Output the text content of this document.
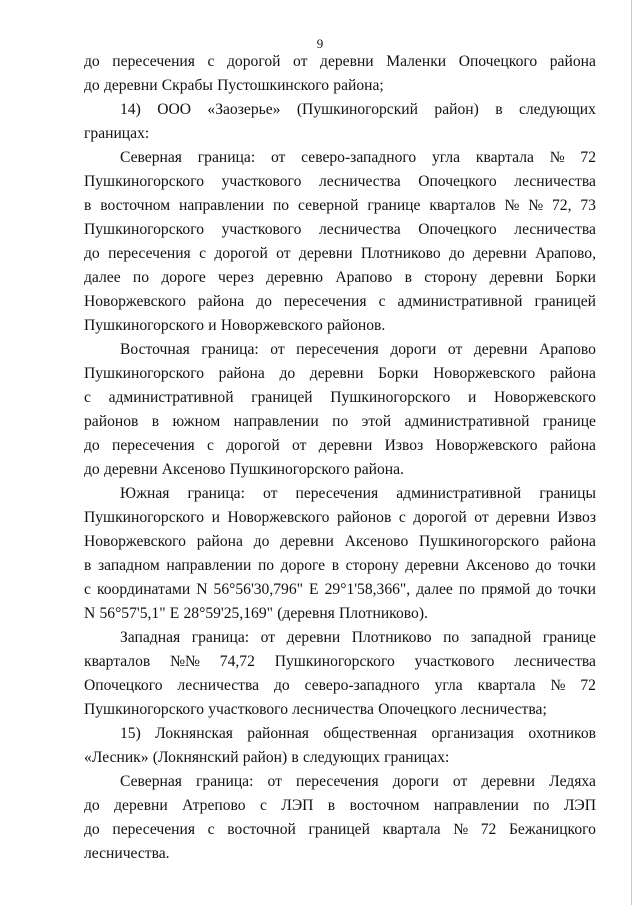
9
до пересечения с дорогой от деревни Маленки Опочецкого района
до деревни Скрабы Пустошкинского района;
14) ООО «Заозерье» (Пушкиногорский район) в следующих
границах:
Северная граница: от северо-западного угла квартала № 72
Пушкиногорского участкового лесничества Опочецкого лесничества
в восточном направлении по северной границе кварталов № № 72, 73
Пушкиногорского участкового лесничества Опочецкого лесничества
до пересечения с дорогой от деревни Плотниково до деревни Арапово,
далее по дороге через деревню Арапово в сторону деревни Борки
Новоржевского района до пересечения с административной границей
Пушкиногорского и Новоржевского районов.
Восточная граница: от пересечения дороги от деревни Арапово
Пушкиногорского района до деревни Борки Новоржевского района
с административной границей Пушкиногорского и Новоржевского
районов в южном направлении по этой административной границе
до пересечения с дорогой от деревни Извоз Новоржевского района
до деревни Аксеново Пушкиногорского района.
Южная граница: от пересечения административной границы
Пушкиногорского и Новоржевского районов с дорогой от деревни Извоз
Новоржевского района до деревни Аксеново Пушкиногорского района
в западном направлении по дороге в сторону деревни Аксеново до точки
с координатами N 56°56'30,796" E 29°1'58,366", далее по прямой до точки
N 56°57'5,1" E 28°59'25,169" (деревня Плотниково).
Западная граница: от деревни Плотниково по западной границе
кварталов №№ 74,72 Пушкиногорского участкового лесничества
Опочецкого лесничества до северо-западного угла квартала № 72
Пушкиногорского участкового лесничества Опочецкого лесничества;
15) Локнянская районная общественная организация охотников
«Лесник» (Локнянский район) в следующих границах:
Северная граница: от пересечения дороги от деревни Ледяха
до деревни Атрепово с ЛЭП в восточном направлении по ЛЭП
до пересечения с восточной границей квартала № 72 Бежаницкого
лесничества.
